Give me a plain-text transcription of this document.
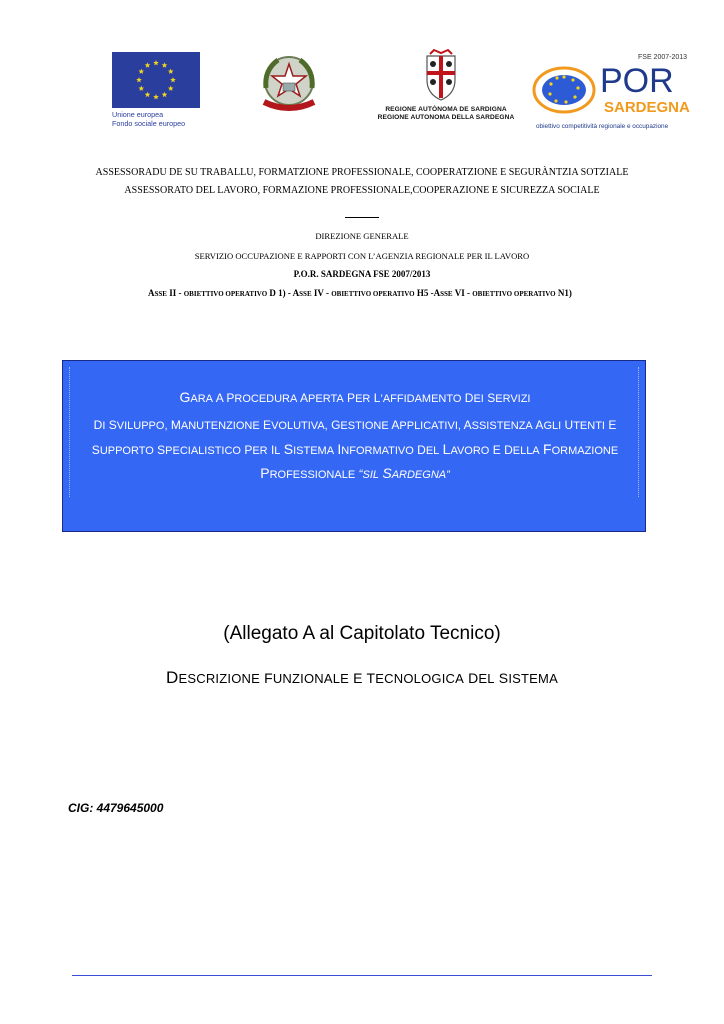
Unione europea
Fondo sociale europeo
REGIONE AUTÒNOMA DE SARDIGNA
REGIONE AUTONOMA DELLA SARDEGNA
FSE 2007-2013
POR
SARDEGNA
obiettivo competitività regionale e occupazione
ASSESSORADU DE SU TRABALLU, FORMATZIONE PROFESSIONALE, COOPERATZIONE E SEGURÀNTZIA SOTZIALE
ASSESSORATO DEL LAVORO, FORMAZIONE PROFESSIONALE,COOPERAZIONE E SICUREZZA SOCIALE
DIREZIONE GENERALE
SERVIZIO OCCUPAZIONE E RAPPORTI CON L’AGENZIA REGIONALE PER IL LAVORO
P.O.R. SARDEGNA FSE 2007/2013
ASSE II - OBIETTIVO OPERATIVO D 1) - ASSE IV - OBIETTIVO OPERATIVO H5 -ASSE VI - OBIETTIVO OPERATIVO N1)
GARA A PROCEDURA APERTA PER L’AFFIDAMENTO DEI SERVIZI
DI SVILUPPO, MANUTENZIONE EVOLUTIVA, GESTIONE APPLICATIVI, ASSISTENZA AGLI UTENTI E
SUPPORTO SPECIALISTICO PER IL SISTEMA INFORMATIVO DEL LAVORO E DELLA FORMAZIONE
PROFESSIONALE “SIL SARDEGNA”
(Allegato A al Capitolato Tecnico)
DESCRIZIONE FUNZIONALE E TECNOLOGICA DEL SISTEMA
CIG: 4479645000
